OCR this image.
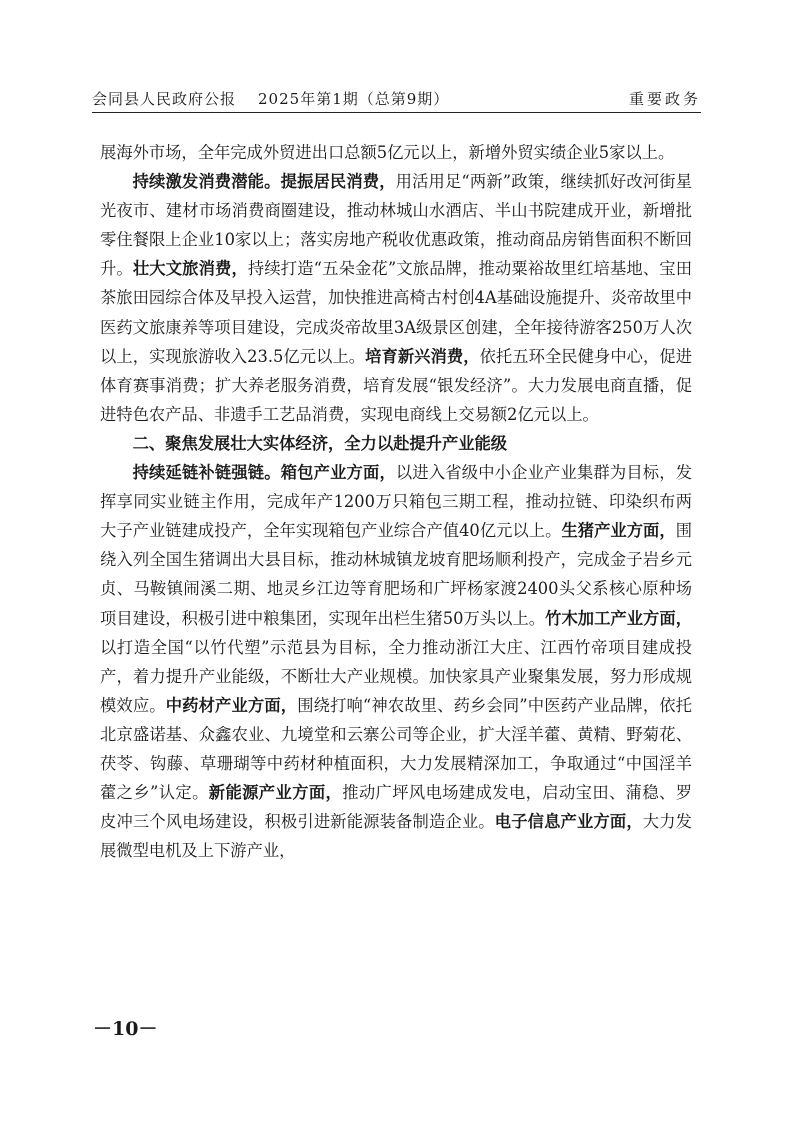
会同县人民政府公报 2025年第1期（总第9期）	重要政务

展海外市场，全年完成外贸进出口总额5亿元以上，新增外贸实绩企业5家以上。

持续激发消费潜能。提振居民消费，用活用足“两新”政策，继续抓好改河街星光夜市、建材市场消费商圈建设，推动林城山水酒店、半山书院建成开业，新增批零住餐限上企业10家以上；落实房地产税收优惠政策，推动商品房销售面积不断回升。壮大文旅消费，持续打造“五朵金花”文旅品牌，推动粟裕故里红培基地、宝田茶旅田园综合体及早投入运营，加快推进高椅古村创4A基础设施提升、炎帝故里中医药文旅康养等项目建设，完成炎帝故里3A级景区创建，全年接待游客250万人次以上，实现旅游收入23.5亿元以上。培育新兴消费，依托五环全民健身中心，促进体育赛事消费；扩大养老服务消费，培育发展“银发经济”。大力发展电商直播，促进特色农产品、非遗手工艺品消费，实现电商线上交易额2亿元以上。

二、聚焦发展壮大实体经济，全力以赴提升产业能级

持续延链补链强链。箱包产业方面，以进入省级中小企业产业集群为目标，发挥享同实业链主作用，完成年产1200万只箱包三期工程，推动拉链、印染织布两大子产业链建成投产，全年实现箱包产业综合产值40亿元以上。生猪产业方面，围绕入列全国生猪调出大县目标，推动林城镇龙坡育肥场顺利投产，完成金子岩乡元贞、马鞍镇闹溪二期、地灵乡江边等育肥场和广坪杨家渡2400头父系核心原种场项目建设，积极引进中粮集团，实现年出栏生猪50万头以上。竹木加工产业方面，以打造全国“以竹代塑”示范县为目标，全力推动浙江大庄、江西竹帝项目建成投产，着力提升产业能级，不断壮大产业规模。加快家具产业聚集发展，努力形成规模效应。中药材产业方面，围绕打响“神农故里、药乡会同”中医药产业品牌，依托北京盛诺基、众鑫农业、九境堂和云寨公司等企业，扩大淫羊藿、黄精、野菊花、茯苓、钩藤、草珊瑚等中药材种植面积，大力发展精深加工，争取通过“中国淫羊藿之乡”认定。新能源产业方面，推动广坪风电场建成发电，启动宝田、蒲稳、罗皮冲三个风电场建设，积极引进新能源装备制造企业。电子信息产业方面，大力发展微型电机及上下游产业，

－10－
